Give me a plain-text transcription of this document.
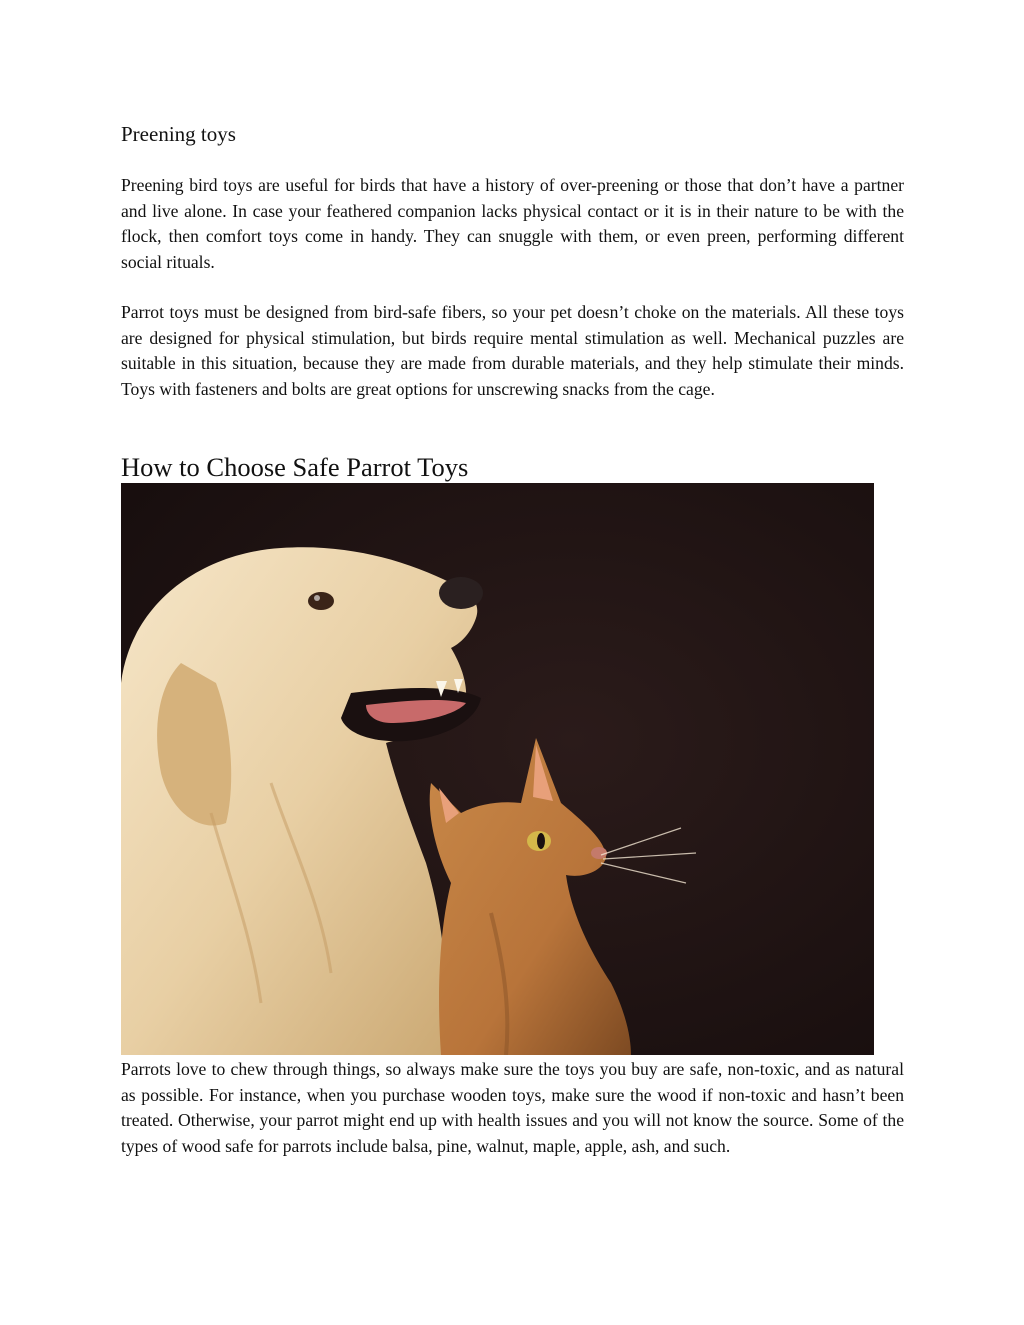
Preening toys

Preening bird toys are useful for birds that have a history of over-preening or those that don’t have a partner and live alone. In case your feathered companion lacks physical contact or it is in their nature to be with the flock, then comfort toys come in handy. They can snuggle with them, or even preen, performing different social rituals.

Parrot toys must be designed from bird-safe fibers, so your pet doesn’t choke on the materials. All these toys are designed for physical stimulation, but birds require mental stimulation as well. Mechanical puzzles are suitable in this situation, because they are made from durable materials, and they help stimulate their minds. Toys with fasteners and bolts are great options for unscrewing snacks from the cage.

How to Choose Safe Parrot Toys

Parrots love to chew through things, so always make sure the toys you buy are safe, non-toxic, and as natural as possible. For instance, when you purchase wooden toys, make sure the wood if non-toxic and hasn’t been treated. Otherwise, your parrot might end up with health issues and you will not know the source. Some of the types of wood safe for parrots include balsa, pine, walnut, maple, apple, ash, and such.
